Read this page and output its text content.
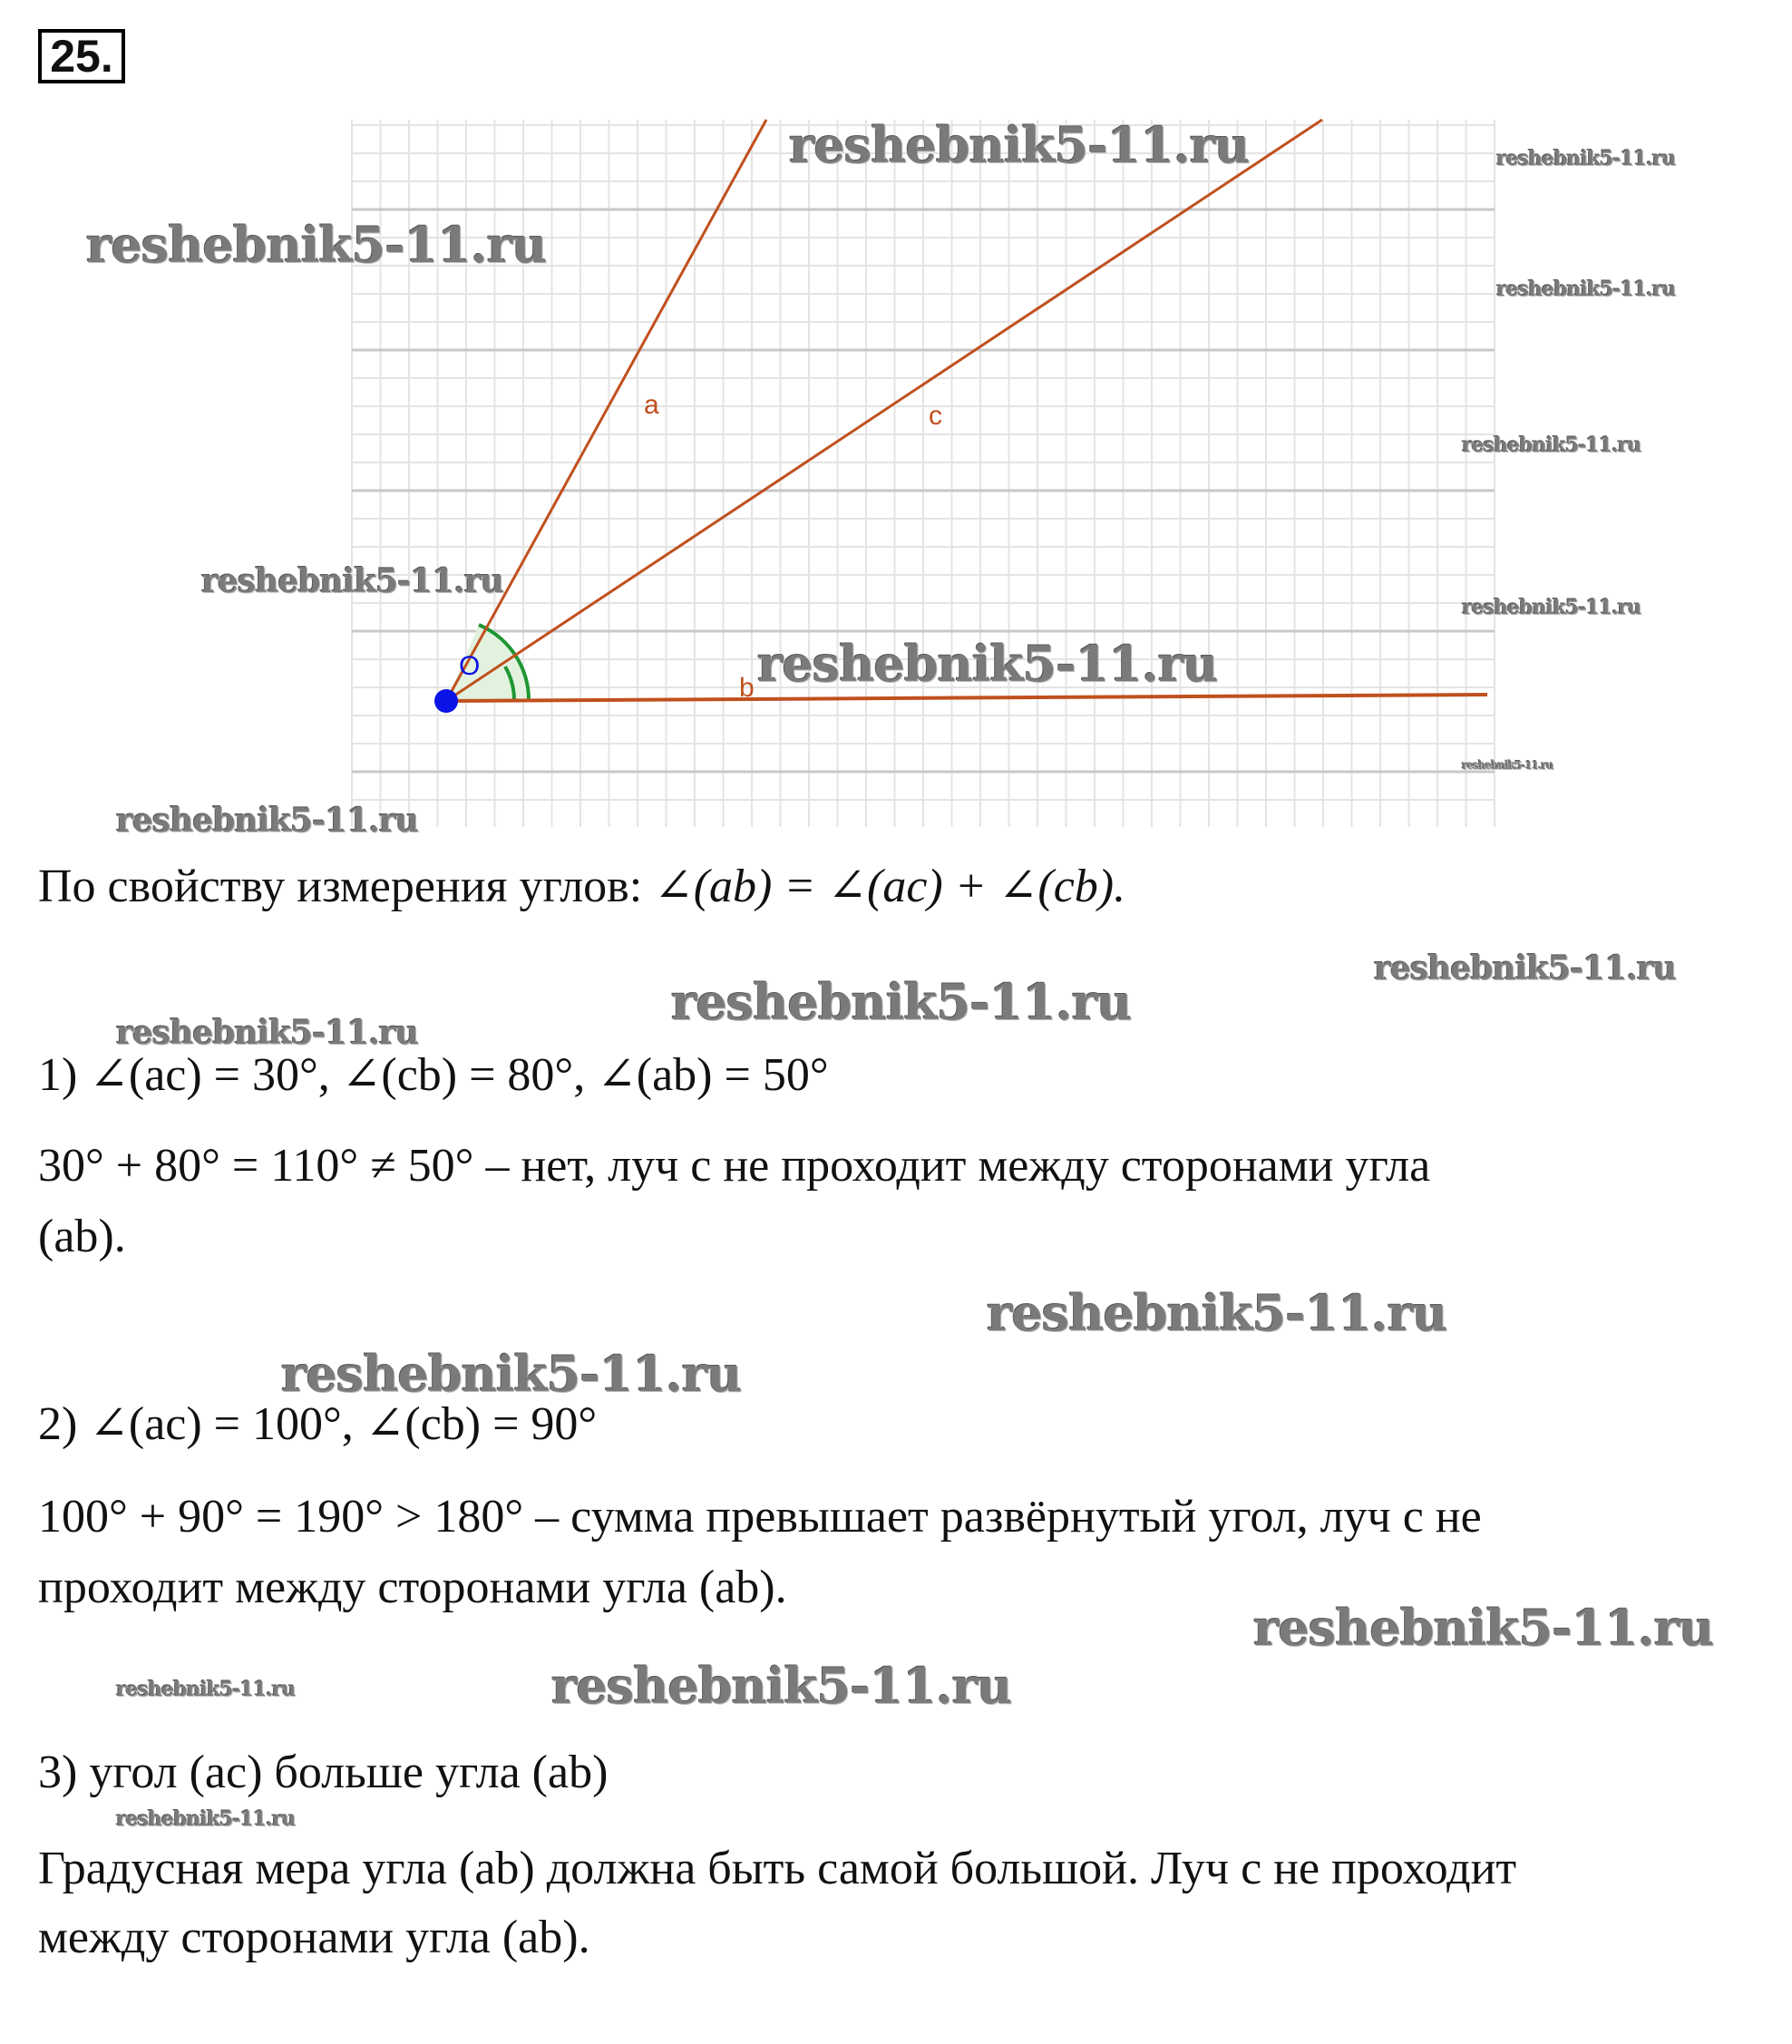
25.
a	c
b
O
По свойству измерения углов: ∠(ab) = ∠(ac) + ∠(cb).
1) ∠(ac) = 30°, ∠(cb) = 80°, ∠(ab) = 50°
30° + 80° = 110° ≠ 50° – нет, луч c не проходит между сторонами угла
(ab).
2) ∠(ac) = 100°, ∠(cb) = 90°
100° + 90° = 190° > 180° – сумма превышает развёрнутый угол, луч c не
проходит между сторонами угла (ab).
3) угол (ac) больше угла (ab)
Градусная мера угла (ab) должна быть самой большой. Луч c не проходит
между сторонами угла (ab).
reshebnik5-11.ru
reshebnik5-11.ru
reshebnik5-11.ru
reshebnik5-11.ru
reshebnik5-11.ru
reshebnik5-11.ru
reshebnik5-11.ru
reshebnik5-11.ru
reshebnik5-11.ru
reshebnik5-11.ru
reshebnik5-11.ru
reshebnik5-11.ru
reshebnik5-11.ru
reshebnik5-11.ru
reshebnik5-11.ru
reshebnik5-11.ru
reshebnik5-11.ru	reshebnik5-11.ru
reshebnik5-11.ru
